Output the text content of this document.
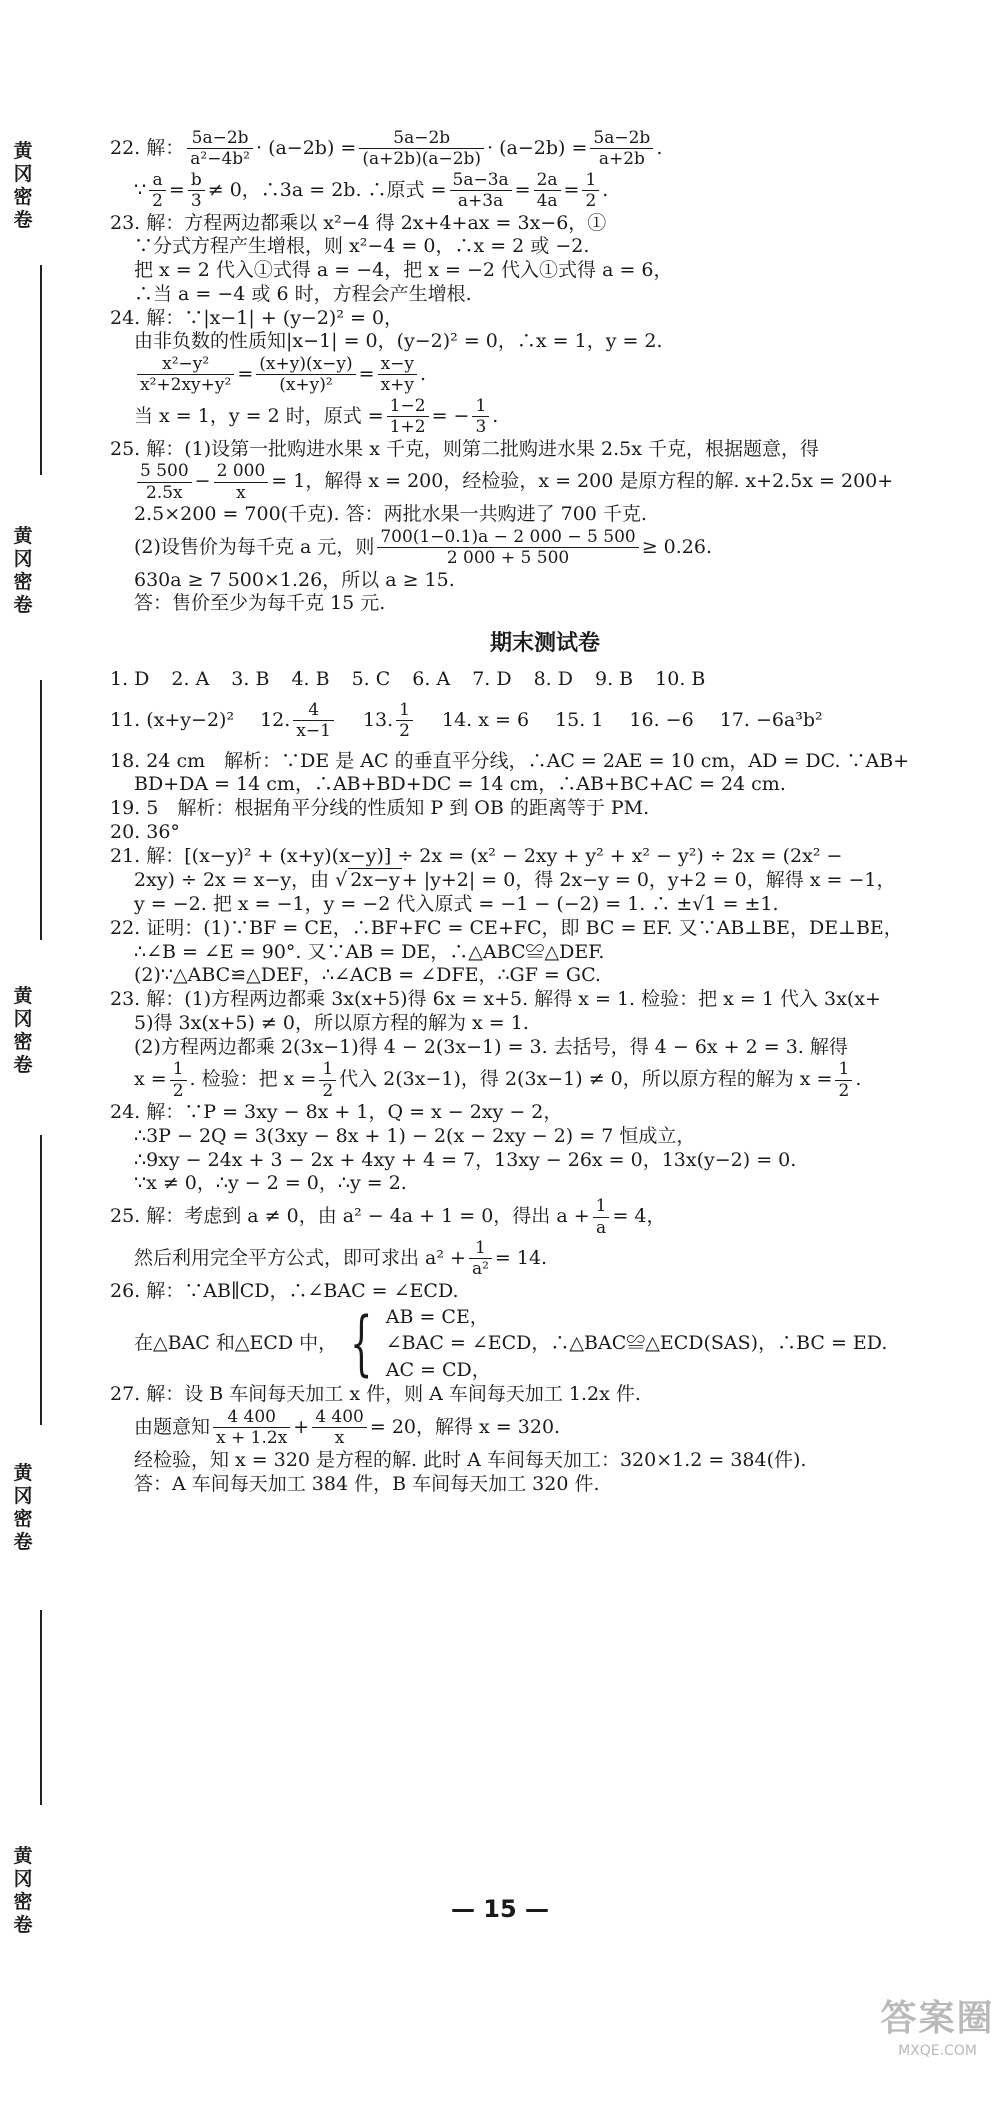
黄
冈
密
卷
黄
冈
密
卷
黄
冈
密
卷
黄
冈
密
卷
黄
冈
密
卷
22. 解： $\frac{5a-2b}{\text{a²−4b²}} \cdot (a-2b) = \frac{5a-2b}{(a+2b)(a-2b)} \cdot (a-2b) = \frac{5a-2b}{a+2b}$ .
∵ $\frac{a}{2} = \frac{b}{3} \ne 0$，∴3a = 2b. ∴原式 = $\frac{5a-3a}{a+3a} = \frac{2a}{4a} = \frac{1}{2}$ .
23. 解：方程两边都乘以 x²−4 得 2x+4+ax = 3x−6，①
∵分式方程产生增根，则 x²−4 = 0，∴x = 2 或 −2.
把 x = 2 代入①式得 a = −4，把 x = −2 代入①式得 a = 6，
∴当 a = −4 或 6 时，方程会产生增根.
24. 解：∵|x−1| + (y−2)² = 0，
由非负数的性质知|x−1| = 0，(y−2)² = 0，∴x = 1，y = 2.
$\frac{\text{x²−y²}}{\text{x²+2xy+y²}} = \frac{(x+y)(x-y)}{\text{(x+y)²}} = \frac{x-y}{x+y}$ .
当 x = 1，y = 2 时，原式 = $\frac{1-2}{1+2}$ = − $\frac{1}{3}$ .
25. 解：(1)设第一批购进水果 x 千克，则第二批购进水果 2.5x 千克，根据题意，得
$\frac{5 500}{2.5x} - \frac{2 000}{x} = 1$，解得 x = 200，经检验，x = 200 是原方程的解. x+2.5x = 200+
2.5×200 = 700(千克). 答：两批水果一共购进了 700 千克.
(2)设售价为每千克 a 元，则 $\frac{700(1-0.1)a - 2 000 - 5 500}{2 000 + 5 500} \ge 0.26$.
630a ≥ 7 500×1.26，所以 a ≥ 15.
答：售价至少为每千克 15 元.
期末测试卷
1. D 2. A 3. B 4. B 5. C 6. A 7. D 8. D 9. B 10. B
11. (x+y−2)² 12. $\frac{4}{x-1} 13$. $\frac{1}{2} 14$. x = 6 15. 1 16. −6 17. −6a³b²
18. 24 cm　解析：∵DE 是 AC 的垂直平分线，∴AC = 2AE = 10 cm，AD = DC. ∵AB+
BD+DA = 14 cm，∴AB+BD+DC = 14 cm，∴AB+BC+AC = 24 cm.
19. 5　解析：根据角平分线的性质知 P 到 OB 的距离等于 PM.
20. 36°
21. 解：[(x−y)² + (x+y)(x−y)] ÷ 2x = (x² − 2xy + y² + x² − y²) ÷ 2x = (2x² −
2xy) ÷ 2x = x−y，由 √ 2x−y + |y+2| = 0，得 2x−y = 0，y+2 = 0，解得 x = −1，
y = −2. 把 x = −1，y = −2 代入原式 = −1 − (−2) = 1. ∴ ±√1 = ±1.
22. 证明：(1)∵BF = CE，∴BF+FC = CE+FC，即 BC = EF. 又∵AB⊥BE，DE⊥BE，
∴∠B = ∠E = 90°. 又∵AB = DE，∴△ABC≌△DEF.
(2)∵△ABC≌△DEF，∴∠ACB = ∠DFE，∴GF = GC.
23. 解：(1)方程两边都乘 3x(x+5)得 6x = x+5. 解得 x = 1. 检验：把 x = 1 代入 3x(x+
5)得 3x(x+5) ≠ 0，所以原方程的解为 x = 1.
(2)方程两边都乘 2(3x−1)得 4 − 2(3x−1) = 3. 去括号，得 4 − 6x + 2 = 3. 解得
$x = \frac{1}{2}$ . 检验：把 $x = \frac{1}{2}$ 代入 2(3x−1)，得 2(3x−1) ≠ 0，所以原方程的解为 $x = \frac{1}{2}$ .
24. 解：∵P = 3xy − 8x + 1，Q = x − 2xy − 2，
∴3P − 2Q = 3(3xy − 8x + 1) − 2(x − 2xy − 2) = 7 恒成立，
∴9xy − 24x + 3 − 2x + 4xy + 4 = 7，13xy − 26x = 0，13x(y−2) = 0.
∵x ≠ 0，∴y − 2 = 0，∴y = 2.
25. 解：考虑到 a ≠ 0，由 a² − 4a + 1 = 0，得出 $a + \frac{1}{a} = 4$，
然后利用完全平方公式，即可求出 $a^2 + \frac{1}{\text{a²}} = 14$.
26. 解：∵AB∥CD，∴∠BAC = ∠ECD.
在△BAC 和△ECD 中， { AB = CE，
∠BAC = ∠ECD，∴△BAC≌△ECD(SAS)，∴BC = ED.
AC = CD，
27. 解：设 B 车间每天加工 x 件，则 A 车间每天加工 1.2x 件.
由题意知 $\frac{4 400}{x + 1.2x} + \frac{4 400}{x} = 20$，解得 x = 320.
经检验，知 x = 320 是方程的解. 此时 A 车间每天加工：320×1.2 = 384(件).
答：A 车间每天加工 384 件，B 车间每天加工 320 件.
— 15 —
答案圈
MXQE.COM
